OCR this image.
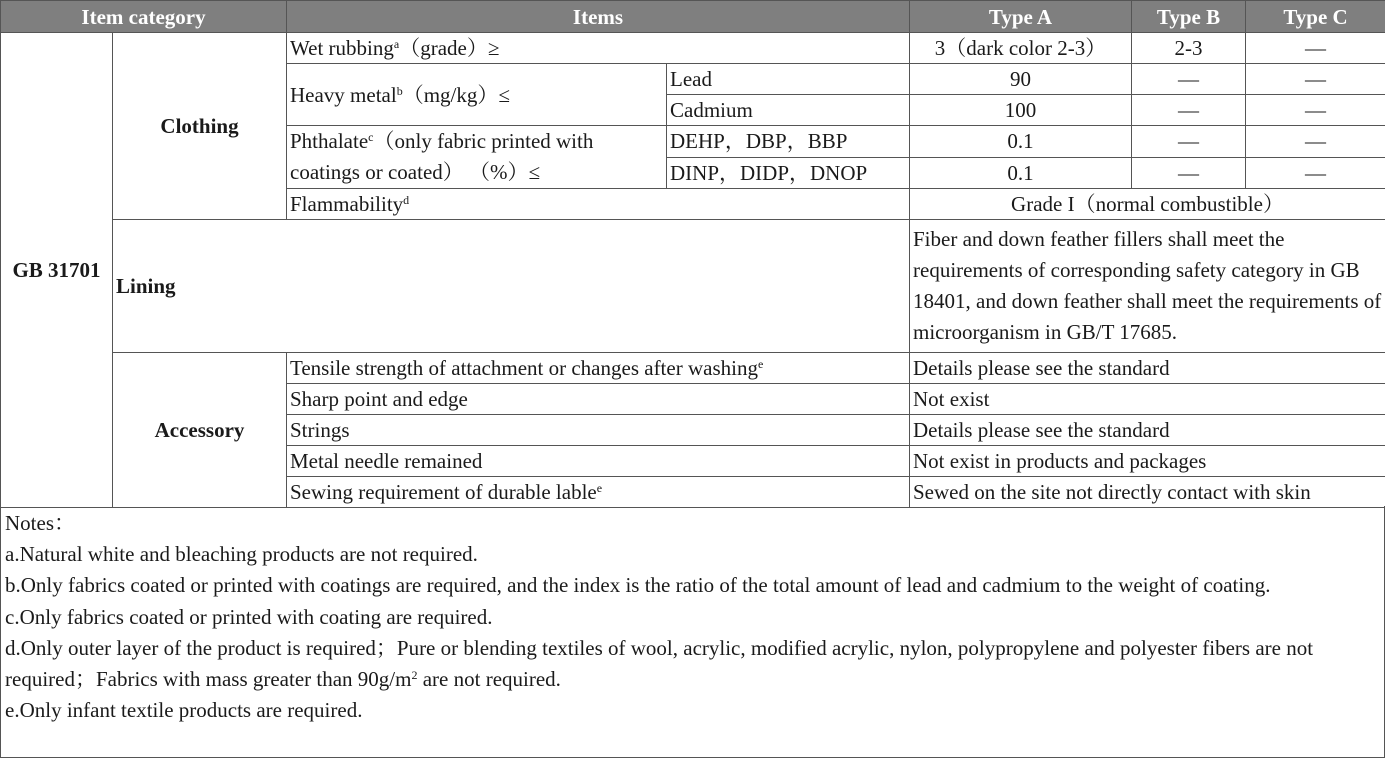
Item category		Items		Type A	Type B	Type C
GB 31701	Clothing	Wet rubbing$^a$（grade）≥		3（dark color 2-3）	2-3	—
		Heavy metal$^b$（mg/kg）≤	Lead	90	—	—
			Cadmium	100	—	—
		Phthalate$^c$（only fabric printed with coatings or coated） （%）≤	DEHP，DBP，BBP	0.1	—	—
			DINP，DIDP，DNOP	0.1	—	—
		Flammability$^d$		Grade I（normal combustible）		
	Lining			Fiber and down feather fillers shall meet the requirements of corresponding safety category in GB 18401, and down feather shall meet the requirements of microorganism in GB/T 17685.		
	Accessory	Tensile strength of attachment or changes after washing$^e$		Details please see the standard		
		Sharp point and edge		Not exist		
		Strings		Details please see the standard		
		Metal needle remained		Not exist in products and packages		
		Sewing requirement of durable lable$^e$		Sewed on the site not directly contact with skin		

Notes：

a.Natural white and bleaching products are not required.

b.Only fabrics coated or printed with coatings are required, and the index is the ratio of the total amount of lead and cadmium to the weight of coating.

c.Only fabrics coated or printed with coating are required.

d.Only outer layer of the product is required；Pure or blending textiles of wool, acrylic, modified acrylic, nylon, polypropylene and polyester fibers are not required；Fabrics with mass greater than $90g/m^2$ are not required.

e.Only infant textile products are required.
